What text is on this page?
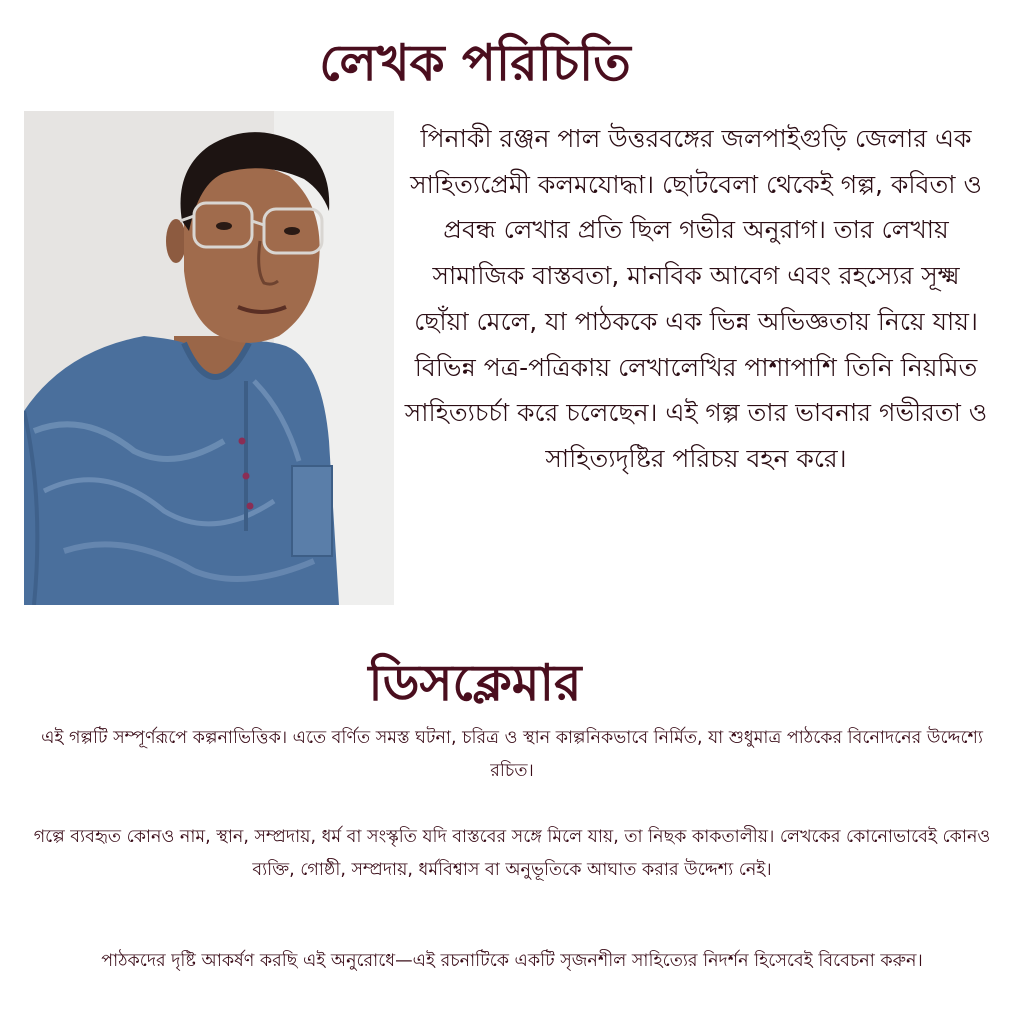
লেখক পরিচিতি

পিনাকী রঞ্জন পাল উত্তরবঙ্গের জলপাইগুড়ি জেলার এক সাহিত্যপ্রেমী কলমযোদ্ধা। ছোটবেলা থেকেই গল্প, কবিতা ও প্রবন্ধ লেখার প্রতি ছিল গভীর অনুরাগ। তার লেখায় সামাজিক বাস্তবতা, মানবিক আবেগ এবং রহস্যের সূক্ষ্ম ছোঁয়া মেলে, যা পাঠককে এক ভিন্ন অভিজ্ঞতায় নিয়ে যায়। বিভিন্ন পত্র-পত্রিকায় লেখালেখির পাশাপাশি তিনি নিয়মিত সাহিত্যচর্চা করে চলেছেন। এই গল্প তার ভাবনার গভীরতা ও সাহিত্যদৃষ্টির পরিচয় বহন করে।

ডিসক্লেমার

এই গল্পটি সম্পূর্ণরূপে কল্পনাভিত্তিক। এতে বর্ণিত সমস্ত ঘটনা, চরিত্র ও স্থান কাল্পনিকভাবে নির্মিত, যা শুধুমাত্র পাঠকের বিনোদনের উদ্দেশ্যে রচিত।

গল্পে ব্যবহৃত কোনও নাম, স্থান, সম্প্রদায়, ধর্ম বা সংস্কৃতি যদি বাস্তবের সঙ্গে মিলে যায়, তা নিছক কাকতালীয়। লেখকের কোনোভাবেই কোনও ব্যক্তি, গোষ্ঠী, সম্প্রদায়, ধর্মবিশ্বাস বা অনুভূতিকে আঘাত করার উদ্দেশ্য নেই।

পাঠকদের দৃষ্টি আকর্ষণ করছি এই অনুরোধে—এই রচনাটিকে একটি সৃজনশীল সাহিত্যের নিদর্শন হিসেবেই বিবেচনা করুন।
